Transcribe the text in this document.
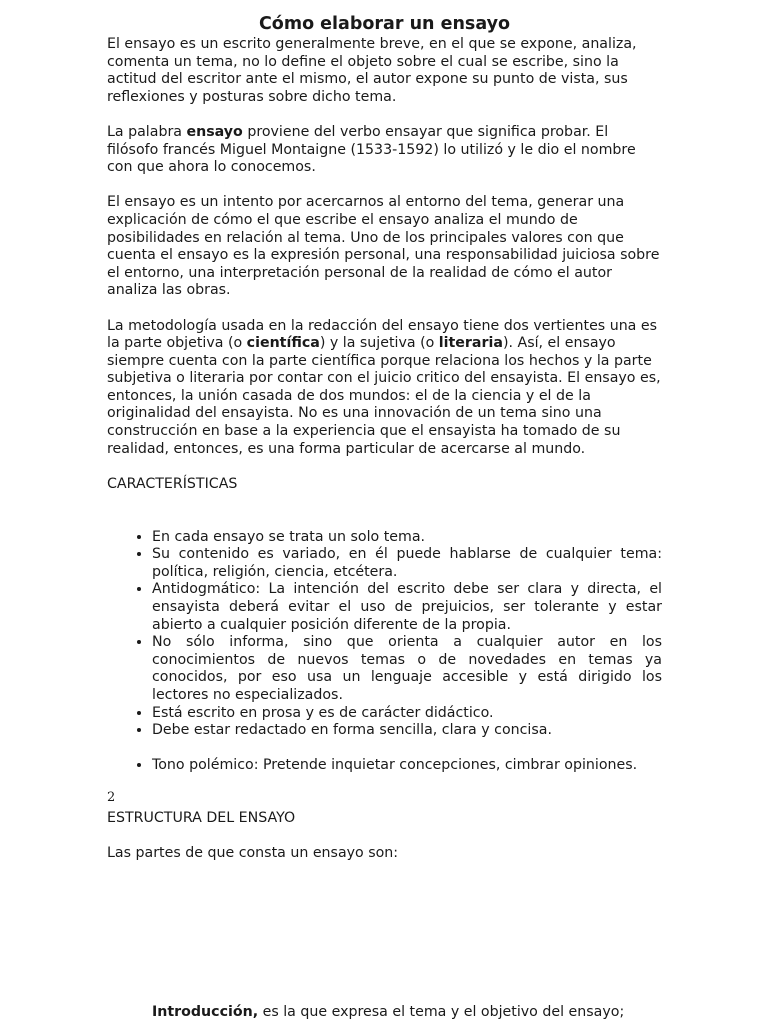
Cómo elaborar un ensayo

El ensayo es un escrito generalmente breve, en el que se expone, analiza, comenta un tema, no lo define el objeto sobre el cual se escribe, sino la actitud del escritor ante el mismo, el autor expone su punto de vista, sus reflexiones y posturas sobre dicho tema.

La palabra ensayo proviene del verbo ensayar que significa probar. El filósofo francés Miguel Montaigne (1533-1592) lo utilizó y le dio el nombre con que ahora lo conocemos.

El ensayo es un intento por acercarnos al entorno del tema, generar una explicación de cómo el que escribe el ensayo analiza el mundo de posibilidades en relación al tema. Uno de los principales valores con que cuenta el ensayo es la expresión personal, una responsabilidad juiciosa sobre el entorno, una interpretación personal de la realidad de cómo el autor analiza las obras.

La metodología usada en la redacción del ensayo tiene dos vertientes una es la parte objetiva (o científica) y la sujetiva (o literaria). Así, el ensayo siempre cuenta con la parte científica porque relaciona los hechos y la parte subjetiva o literaria por contar con el juicio critico del ensayista. El ensayo es, entonces, la unión casada de dos mundos: el de la ciencia y el de la originalidad del ensayista. No es una innovación de un tema sino una construcción en base a la experiencia que el ensayista ha tomado de su realidad, entonces, es una forma particular de acercarse al mundo.

CARACTERÍSTICAS

• En cada ensayo se trata un solo tema.
• Su contenido es variado, en él puede hablarse de cualquier tema: política, religión, ciencia, etcétera.
• Antidogmático: La intención del escrito debe ser clara y directa, el ensayista deberá evitar el uso de prejuicios, ser tolerante y estar abierto a cualquier posición diferente de la propia.
• No sólo informa, sino que orienta a cualquier autor en los conocimientos de nuevos temas o de novedades en temas ya conocidos, por eso usa un lenguaje accesible y está dirigido los lectores no especializados.
• Está escrito en prosa y es de carácter didáctico.
• Debe estar redactado en forma sencilla, clara y concisa.
• Tono polémico: Pretende inquietar concepciones, cimbrar opiniones.

ESTRUCTURA DEL ENSAYO

Las partes de que consta un ensayo son:

2
Introducción, es la que expresa el tema y el objetivo del ensayo;
